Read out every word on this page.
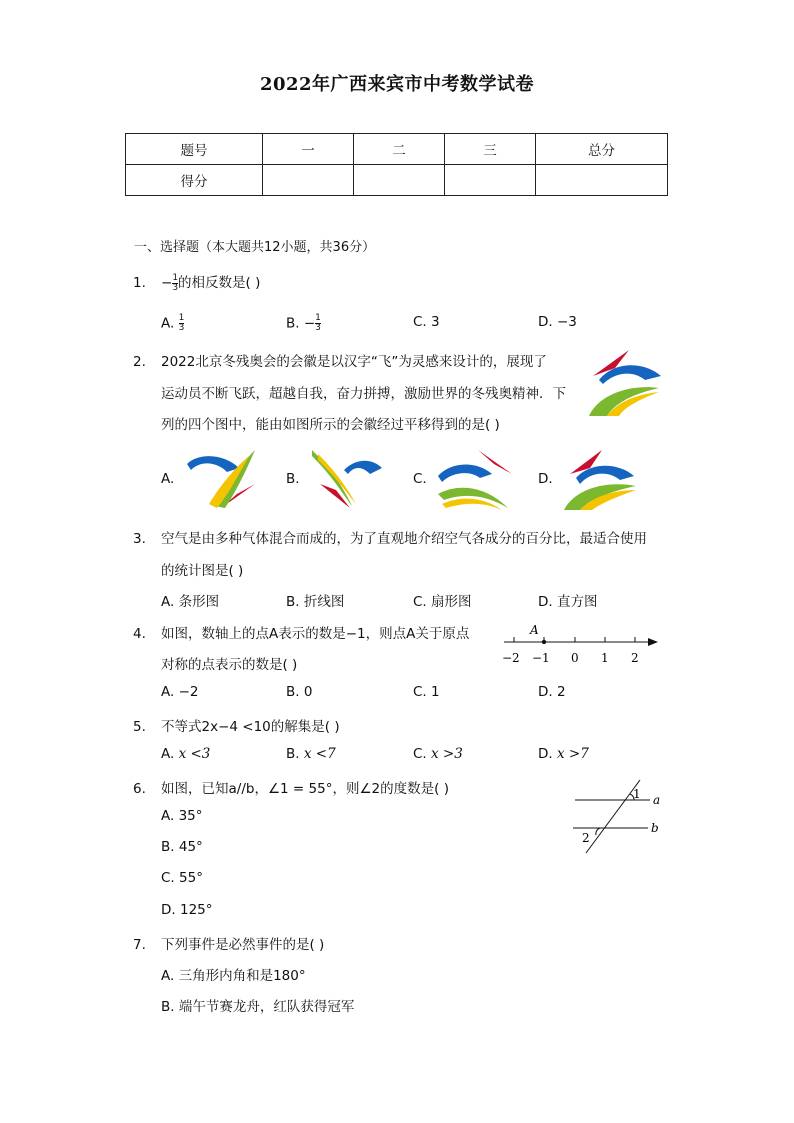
2022年广西来宾市中考数学试卷
题号	一	二	三	总分
得分				
一、选择题（本大题共12小题，共36分）
1. − $\frac{1}{3}$ 的相反数是( )
A. $\frac{1}{3}$	B. − $\frac{1}{3}$	C. 3	D. −3
2. 2022北京冬残奥会的会徽是以汉字“飞”为灵感来设计的，展现了
运动员不断飞跃，超越自我，奋力拼搏，激励世界的冬残奥精神．下
列的四个图中，能由如图所示的会徽经过平移得到的是( )
A.	B.	C.	D.
3. 空气是由多种气体混合而成的，为了直观地介绍空气各成分的百分比，最适合使用
的统计图是( )
A. 条形图	B. 折线图	C. 扇形图	D. 直方图
4. 如图，数轴上的点A表示的数是−1，则点A关于原点
对称的点表示的数是( )
A
−2 −1 0 1 2
A. −2	B. 0	C. 1	D. 2
5. 不等式2x−4 <10的解集是( )
A. x <3	B. x <7	C. x >3	D. x >7
6. 如图，已知a//b，∠1 = 55°，则∠2的度数是( )	1
2
a
b
A. 35°
B. 45°
C. 55°
D. 125°
7. 下列事件是必然事件的是( )
A. 三角形内角和是180°
B. 端午节赛龙舟，红队获得冠军
